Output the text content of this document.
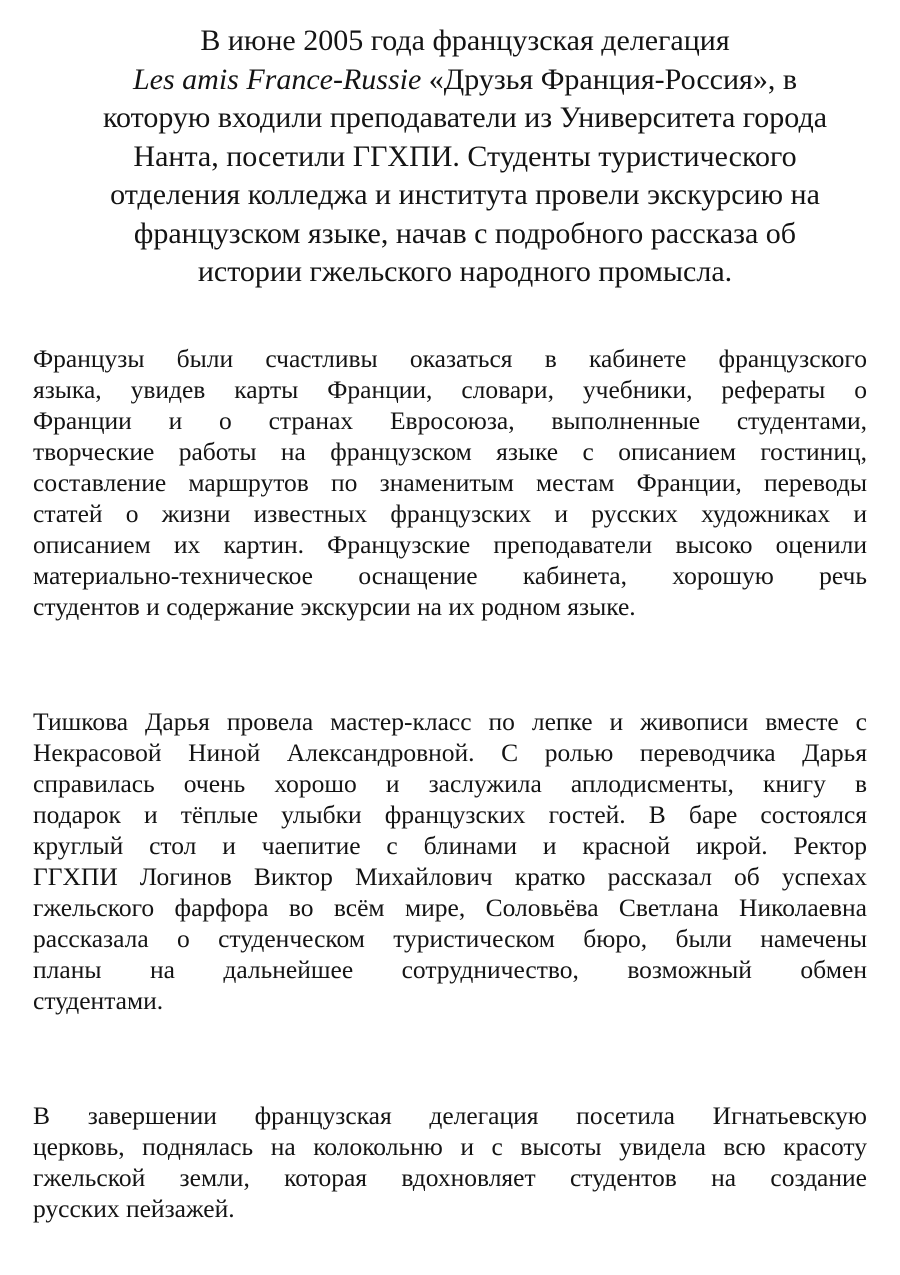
В июне 2005 года французская делегация
Les amis France-Russie «Друзья Франция-Россия», в
которую входили преподаватели из Университета города
Нанта, посетили ГГХПИ. Студенты туристического
отделения колледжа и института провели экскурсию на
французском языке, начав с подробного рассказа об
истории гжельского народного промысла.
Французы были счастливы оказаться в кабинете французского
языка, увидев карты Франции, словари, учебники, рефераты о
Франции и о странах Евросоюза, выполненные студентами,
творческие работы на французском языке с описанием гостиниц,
составление маршрутов по знаменитым местам Франции, переводы
статей о жизни известных французских и русских художниках и
описанием их картин. Французские преподаватели высоко оценили
материально-техническое оснащение кабинета, хорошую речь
студентов и содержание экскурсии на их родном языке.
Тишкова Дарья провела мастер-класс по лепке и живописи вместе с
Некрасовой Ниной Александровной. С ролью переводчика Дарья
справилась очень хорошо и заслужила аплодисменты, книгу в
подарок и тёплые улыбки французских гостей. В баре состоялся
круглый стол и чаепитие с блинами и красной икрой. Ректор
ГГХПИ Логинов Виктор Михайлович кратко рассказал об успехах
гжельского фарфора во всём мире, Соловьёва Светлана Николаевна
рассказала о студенческом туристическом бюро, были намечены
планы на дальнейшее сотрудничество, возможный обмен
студентами.
В завершении французская делегация посетила Игнатьевскую
церковь, поднялась на колокольню и с высоты увидела всю красоту
гжельской земли, которая вдохновляет студентов на создание
русских пейзажей.
